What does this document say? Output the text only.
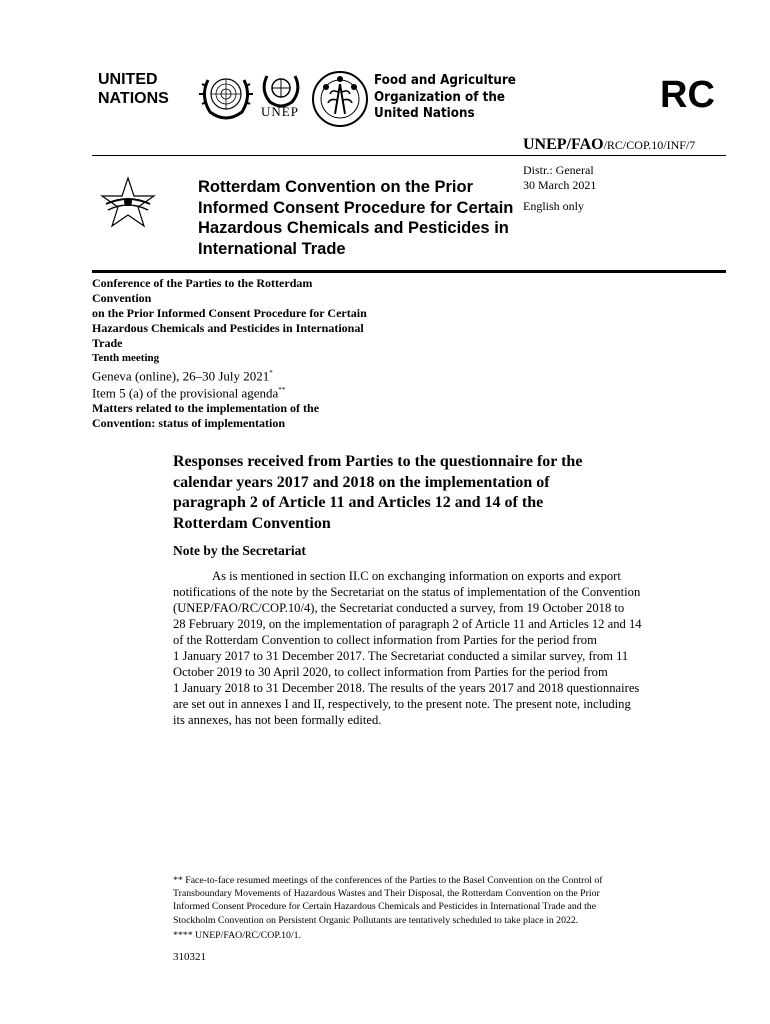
UNITED
NATIONS
UNEP
Food and Agriculture
Organization of the
United Nations	RC
UNEP/FAO/RC/COP.10/INF/7
Rotterdam Convention on the Prior Informed Consent Procedure for Certain Hazardous Chemicals and Pesticides in International Trade
Distr.: General
30 March 2021
English only
Conference of the Parties to the Rotterdam
Convention
on the Prior Informed Consent Procedure for Certain
Hazardous Chemicals and Pesticides in International
Trade
Tenth meeting
Geneva (online), 26–30 July 2021*
Item 5 (a) of the provisional agenda**
Matters related to the implementation of the
Convention: status of implementation
Responses received from Parties to the questionnaire for the
calendar years 2017 and 2018 on the implementation of
paragraph 2 of Article 11 and Articles 12 and 14 of the
Rotterdam Convention
Note by the Secretariat
As is mentioned in section II.C on exchanging information on exports and export
notifications of the note by the Secretariat on the status of implementation of the Convention
(UNEP/FAO/RC/COP.10/4), the Secretariat conducted a survey, from 19 October 2018 to
28 February 2019, on the implementation of paragraph 2 of Article 11 and Articles 12 and 14
of the Rotterdam Convention to collect information from Parties for the period from
1 January 2017 to 31 December 2017. The Secretariat conducted a similar survey, from 11
October 2019 to 30 April 2020, to collect information from Parties for the period from
1 January 2018 to 31 December 2018. The results of the years 2017 and 2018 questionnaires
are set out in annexes I and II, respectively, to the present note. The present note, including
its annexes, has not been formally edited.

** Face-to-face resumed meetings of the conferences of the Parties to the Basel Convention on the Control of
Transboundary Movements of Hazardous Wastes and Their Disposal, the Rotterdam Convention on the Prior
Informed Consent Procedure for Certain Hazardous Chemicals and Pesticides in International Trade and the
Stockholm Convention on Persistent Organic Pollutants are tentatively scheduled to take place in 2022.

**** UNEP/FAO/RC/COP.10/1.

310321
